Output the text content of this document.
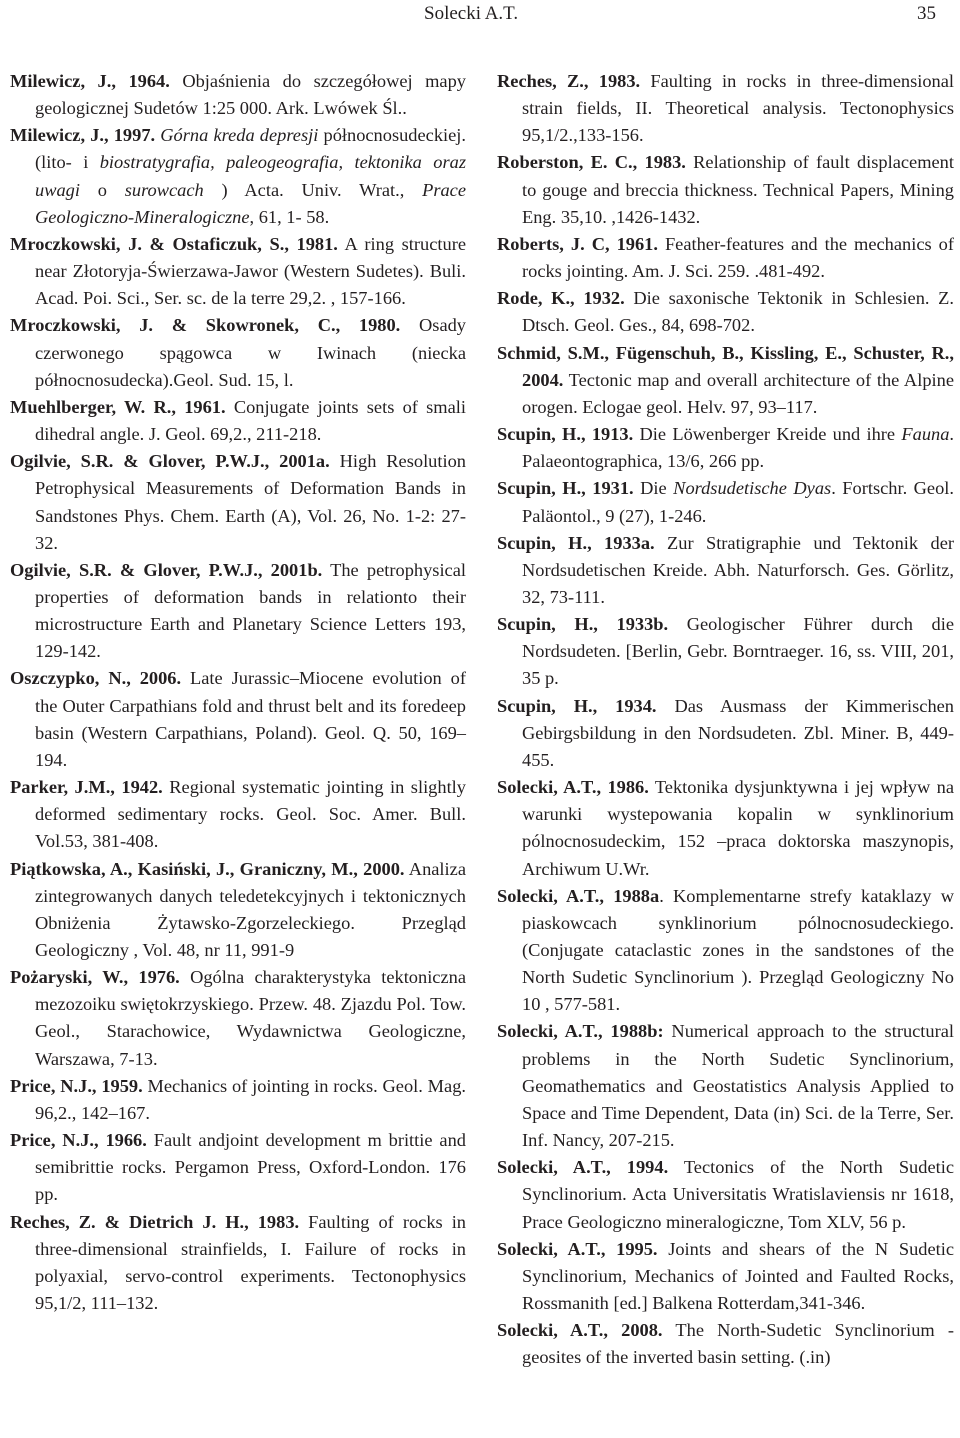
Solecki A.T.	35

Milewicz, J., 1964. Objaśnienia do szczegółowej mapy geologicznej Sudetów 1:25 000. Ark. Lwówek Śl..

Milewicz, J., 1997. Górna kreda depresji północnosudeckiej. (lito- i biostratygrafia, paleogeografia, tektonika oraz uwagi o surowcach ) Acta. Univ. Wrat., Prace Geologiczno-Mineralogiczne, 61, 1- 58.

Mroczkowski, J. & Ostaficzuk, S., 1981. A ring structure near Złotoryja-Świerzawa-Jawor (Western Sudetes). Buli. Acad. Poi. Sci., Ser. sc. de la terre 29,2. , 157-166.

Mroczkowski, J. & Skowronek, C., 1980. Osady czerwonego spągowca w Iwinach (niecka północnosudecka).Geol. Sud. 15, l.

Muehlberger, W. R., 1961. Conjugate joints sets of smali dihedral angle. J. Geol. 69,2., 211-218.

Ogilvie, S.R. & Glover, P.W.J., 2001a. High Resolution Petrophysical Measurements of Deformation Bands in Sandstones Phys. Chem. Earth (A), Vol. 26, No. 1-2: 27-32.

Ogilvie, S.R. & Glover, P.W.J., 2001b. The petrophysical properties of deformation bands in relationto their microstructure Earth and Planetary Science Letters 193, 129-142.

Oszczypko, N., 2006. Late Jurassic–Miocene evolution of the Outer Carpathians fold and thrust belt and its foredeep basin (Western Carpathians, Poland). Geol. Q. 50, 169–194.

Parker, J.M., 1942. Regional systematic jointing in slightly deformed sedimentary rocks. Geol. Soc. Amer. Bull. Vol.53, 381-408.

Piątkowska, A., Kasiński, J., Graniczny, M., 2000. Analiza zintegrowanych danych teledetekcyjnych i tektonicznych Obniżenia Żytawsko-Zgorzeleckiego. Przegląd Geologiczny , Vol. 48, nr 11, 991-9

Pożaryski, W., 1976. Ogólna charakterystyka tektoniczna mezozoiku swiętokrzyskiego. Przew. 48. Zjazdu Pol. Tow. Geol., Starachowice, Wydawnictwa Geologiczne, Warszawa, 7-13.

Price, N.J., 1959. Mechanics of jointing in rocks. Geol. Mag. 96,2., 142–167.

Price, N.J., 1966. Fault andjoint development m brittie and semibrittie rocks. Pergamon Press, Oxford-London. 176 pp.

Reches, Z. & Dietrich J. H., 1983. Faulting of rocks in three-dimensional strainfields, I. Failure of rocks in polyaxial, servo-control experiments. Tectonophysics 95,1/2, 111–132.

Reches, Z., 1983. Faulting in rocks in three-dimensional strain fields, II. Theoretical analysis. Tectonophysics 95,1/2.,133-156.

Roberston, E. C., 1983. Relationship of fault displacement to gouge and breccia thickness. Technical Papers, Mining Eng. 35,10. ,1426-1432.

Roberts, J. C, 1961. Feather-features and the mechanics of rocks jointing. Am. J. Sci. 259. .481-492.

Rode, K., 1932. Die saxonische Tektonik in Schlesien. Z. Dtsch. Geol. Ges., 84, 698-702.

Schmid, S.M., Fügenschuh, B., Kissling, E., Schuster, R., 2004. Tectonic map and overall architecture of the Alpine orogen. Eclogae geol. Helv. 97, 93–117.

Scupin, H., 1913. Die Löwenberger Kreide und ihre Fauna. Palaeontographica, 13/6, 266 pp.

Scupin, H., 1931. Die Nordsudetische Dyas. Fortschr. Geol. Paläontol., 9 (27), 1-246.

Scupin, H., 1933a. Zur Stratigraphie und Tektonik der Nordsudetischen Kreide. Abh. Naturforsch. Ges. Görlitz, 32, 73-111.

Scupin, H., 1933b. Geologischer Führer durch die Nordsudeten. [Berlin, Gebr. Borntraeger. 16, ss. VIII, 201, 35 p.

Scupin, H., 1934. Das Ausmass der Kimmerischen Gebirgsbildung in den Nordsudeten. Zbl. Miner. B, 449-455.

Solecki, A.T., 1986. Tektonika dysjunktywna i jej wpływ na warunki wystepowania kopalin w synklinorium pólnocnosudeckim, 152 –praca doktorska maszynopis, Archiwum U.Wr.

Solecki, A.T., 1988a. Komplementarne strefy kataklazy w piaskowcach synklinorium pólnocnosudeckiego. (Conjugate cataclastic zones in the sandstones of the North Sudetic Synclinorium ). Przegląd Geologiczny No 10 , 577-581.

Solecki, A.T., 1988b: Numerical approach to the structural problems in the North Sudetic Synclinorium, Geomathematics and Geostatistics Analysis Applied to Space and Time Dependent, Data (in) Sci. de la Terre, Ser. Inf. Nancy, 207-215.

Solecki, A.T., 1994. Tectonics of the North Sudetic Synclinorium. Acta Universitatis Wratislaviensis nr 1618, Prace Geologiczno mineralogiczne, Tom XLV, 56 p.

Solecki, A.T., 1995. Joints and shears of the N Sudetic Synclinorium, Mechanics of Jointed and Faulted Rocks, Rossmanith [ed.] Balkena Rotterdam,341-346.

Solecki, A.T., 2008. The North-Sudetic Synclinorium - geosites of the inverted basin setting. (.in)
